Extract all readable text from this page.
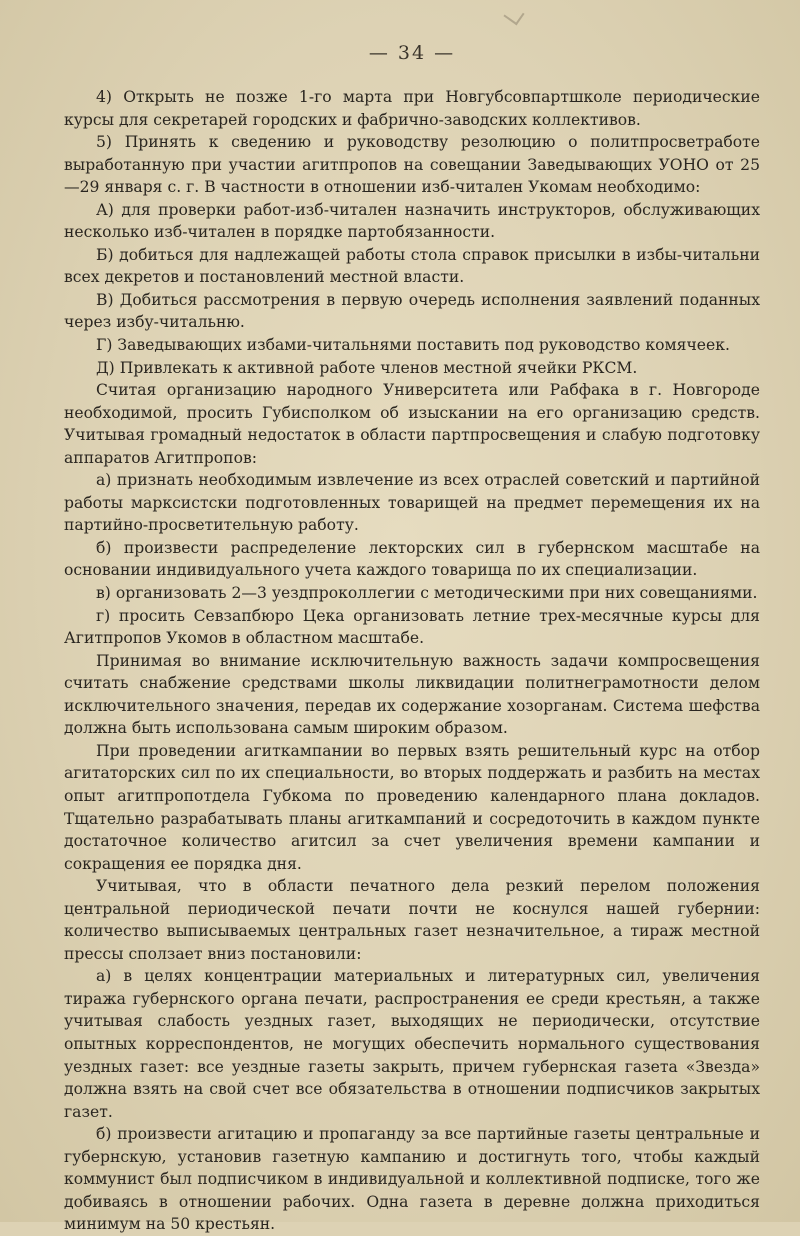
— 34 —

4) Открыть не позже 1-го марта при Новгубсовпартшколе периодические курсы для секретарей городских и фабрично-заводских коллективов.

5) Принять к сведению и руководству резолюцию о политпросветработе выработанную при участии агитпропов на совещании Заведывающих УОНО от 25—29 января с. г. В частности в отношении изб-читален Укомам необходимо:

А) для проверки работ-изб-читален назначить инструкторов, обслуживающих несколько изб-читален в порядке партобязанности.

Б) добиться для надлежащей работы стола справок присылки в избы-читальни всех декретов и постановлений местной власти.

В) Добиться рассмотрения в первую очередь исполнения заявлений поданных через избу-читальню.

Г) Заведывающих избами-читальнями поставить под руководство комячеек.

Д) Привлекать к активной работе членов местной ячейки РКСМ.

Считая организацию народного Университета или Рабфака в г. Новгороде необходимой, просить Губисполком об изыскании на его организацию средств. Учитывая громадный недостаток в области партпросвещения и слабую подготовку аппаратов Агитпропов:

а) признать необходимым извлечение из всех отраслей советский и партийной работы марксистски подготовленных товарищей на предмет перемещения их на партийно-просветительную работу.

б) произвести распределение лекторских сил в губернском масштабе на основании индивидуального учета каждого товарища по их специализации.

в) организовать 2—3 уездпроколлегии с методическими при них совещаниями.

г) просить Севзапбюро Цека организовать летние трех-месячные курсы для Агитпропов Укомов в областном масштабе.

Принимая во внимание исключительную важность задачи компросвещения считать снабжение средствами школы ликвидации политнеграмотности делом исключительного значения, передав их содержание хозорганам. Система шефства должна быть использована самым широким образом.

При проведении агиткампании во первых взять решительный курс на отбор агитаторских сил по их специальности, во вторых поддержать и разбить на местах опыт агитпропотдела Губкома по проведению календарного плана докладов. Тщательно разрабатывать планы агиткампаний и сосредоточить в каждом пункте достаточное количество агитсил за счет увеличения времени кампании и сокращения ее порядка дня.

Учитывая, что в области печатного дела резкий перелом положения центральной периодической печати почти не коснулся нашей губернии: количество выписываемых центральных газет незначительное, а тираж местной прессы сползает вниз постановили:

а) в целях концентрации материальных и литературных сил, увеличения тиража губернского органа печати, распространения ее среди крестьян, а также учитывая слабость уездных газет, выходящих не периодически, отсутствие опытных корреспондентов, не могущих обеспечить нормального существования уездных газет: все уездные газеты закрыть, причем губернская газета «Звезда» должна взять на свой счет все обязательства в отношении подписчиков закрытых газет.

б) произвести агитацию и пропаганду за все партийные газеты центральные и губернскую, установив газетную кампанию и достигнуть того, чтобы каждый коммунист был подписчиком в индивидуальной и коллективной подписке, того же добиваясь в отношении рабочих. Одна газета в деревне должна приходиться минимум на 50 крестьян.
